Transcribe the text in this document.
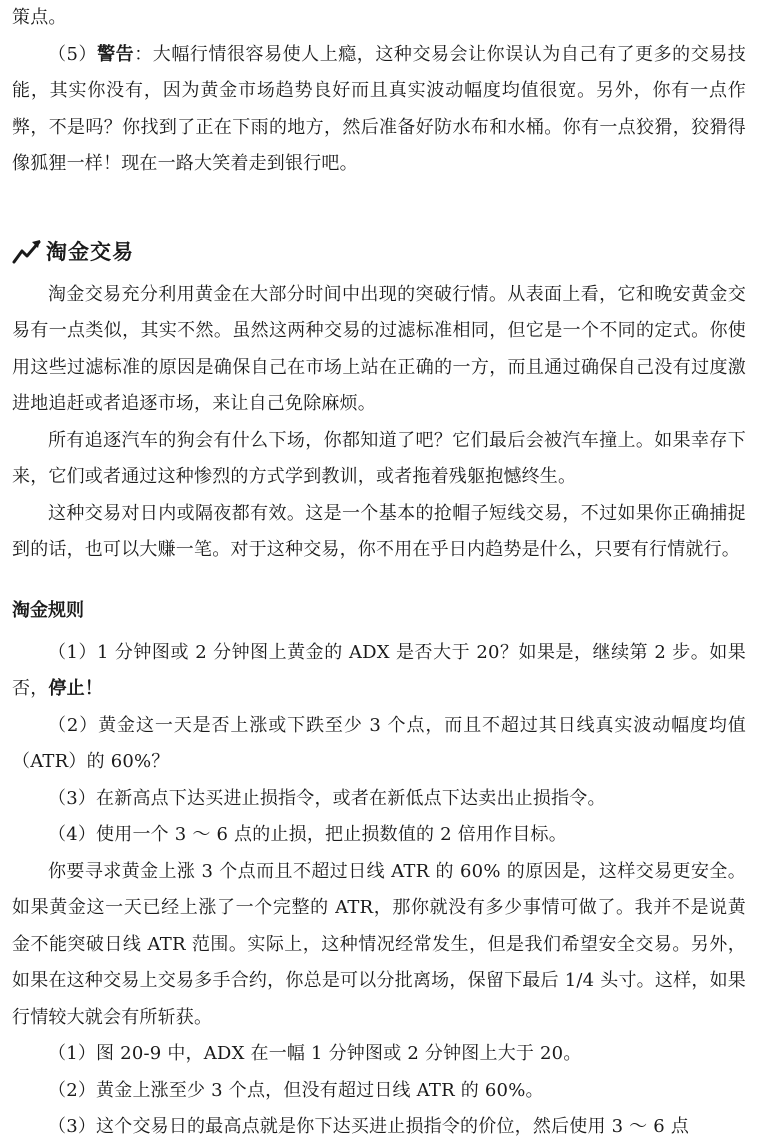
策点。

（5）警告：大幅行情很容易使人上瘾，这种交易会让你误认为自己有了更多的交易技能，其实你没有，因为黄金市场趋势良好而且真实波动幅度均值很宽。另外，你有一点作弊，不是吗？你找到了正在下雨的地方，然后准备好防水布和水桶。你有一点狡猾，狡猾得像狐狸一样！现在一路大笑着走到银行吧。

淘金交易

淘金交易充分利用黄金在大部分时间中出现的突破行情。从表面上看，它和晚安黄金交易有一点类似，其实不然。虽然这两种交易的过滤标准相同，但它是一个不同的定式。你使用这些过滤标准的原因是确保自己在市场上站在正确的一方，而且通过确保自己没有过度激进地追赶或者追逐市场，来让自己免除麻烦。

所有追逐汽车的狗会有什么下场，你都知道了吧？它们最后会被汽车撞上。如果幸存下来，它们或者通过这种惨烈的方式学到教训，或者拖着残躯抱憾终生。

这种交易对日内或隔夜都有效。这是一个基本的抢帽子短线交易，不过如果你正确捕捉到的话，也可以大赚一笔。对于这种交易，你不用在乎日内趋势是什么，只要有行情就行。

淘金规则

（1）1 分钟图或 2 分钟图上黄金的 ADX 是否大于 20？如果是，继续第 2 步。如果否，停止！

（2）黄金这一天是否上涨或下跌至少 3 个点，而且不超过其日线真实波动幅度均值（ATR）的 60%？

（3）在新高点下达买进止损指令，或者在新低点下达卖出止损指令。

（4）使用一个 3 ～ 6 点的止损，把止损数值的 2 倍用作目标。

你要寻求黄金上涨 3 个点而且不超过日线 ATR 的 60% 的原因是，这样交易更安全。如果黄金这一天已经上涨了一个完整的 ATR，那你就没有多少事情可做了。我并不是说黄金不能突破日线 ATR 范围。实际上，这种情况经常发生，但是我们希望安全交易。另外，如果在这种交易上交易多手合约，你总是可以分批离场，保留下最后 1/4 头寸。这样，如果行情较大就会有所斩获。

（1）图 20-9 中，ADX 在一幅 1 分钟图或 2 分钟图上大于 20。

（2）黄金上涨至少 3 个点，但没有超过日线 ATR 的 60%。

（3）这个交易日的最高点就是你下达买进止损指令的价位，然后使用 3 ～ 6 点
